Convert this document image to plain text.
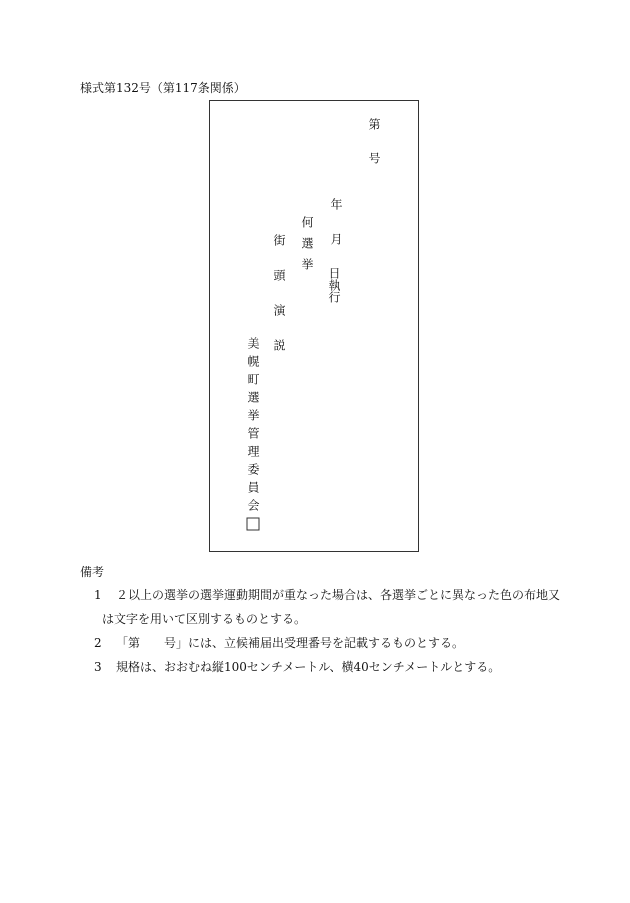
様式第132号（第117条関係）
第
号
年
月
日執行
何選挙
街頭演説
美幌町選挙管理委員会
備考
1 ２以上の選挙の選挙運動期間が重なった場合は、各選挙ごとに異なった色の布地又
は文字を用いて区別するものとする。
2 「第　　号」には、立候補届出受理番号を記載するものとする。
3 規格は、おおむね縦100センチメートル、横40センチメートルとする。
